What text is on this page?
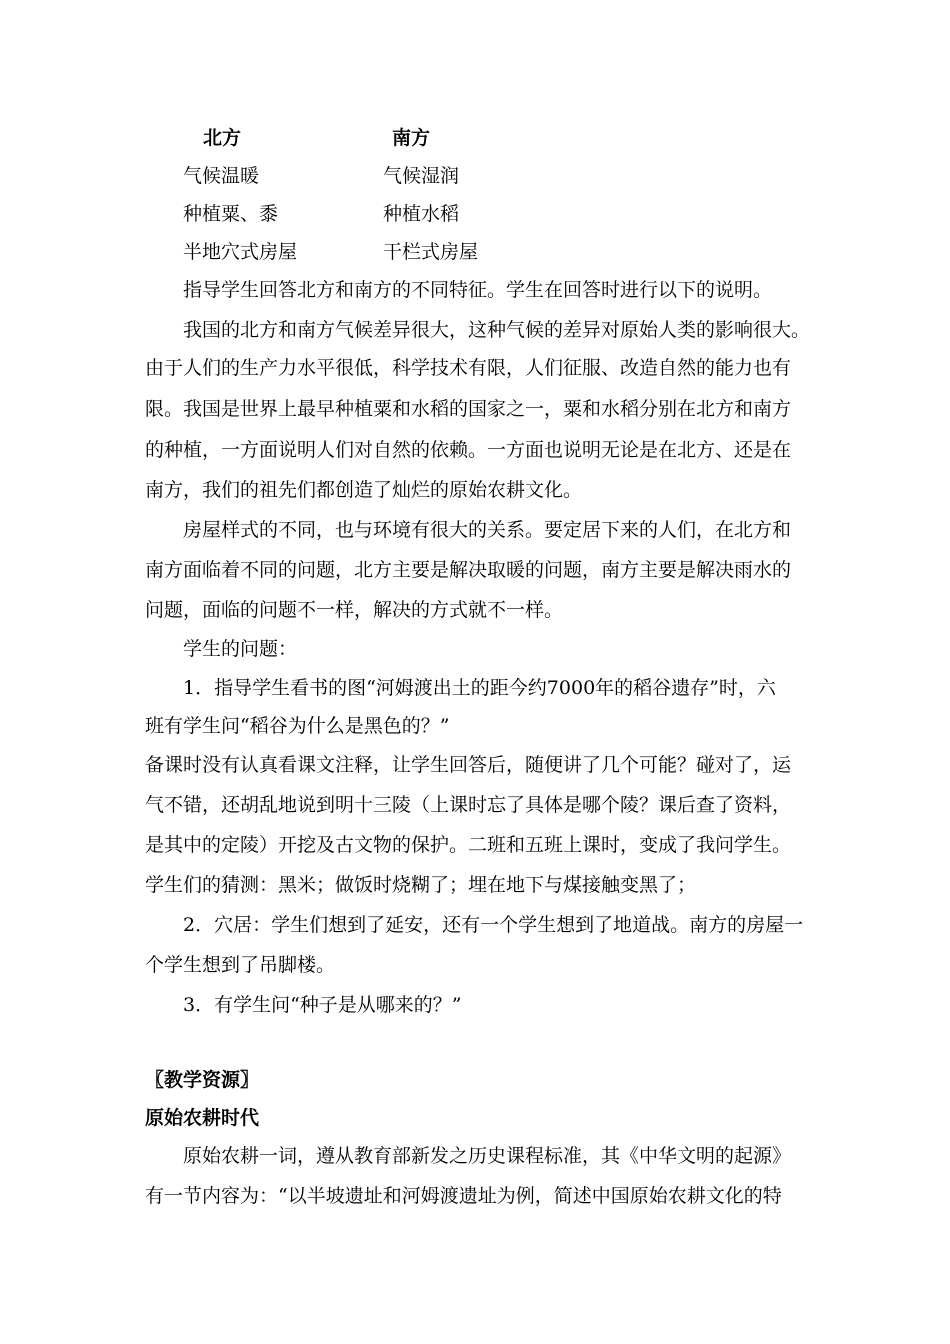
北方	南方
气候温暖	气候湿润
种植粟、黍	种植水稻
半地穴式房屋	干栏式房屋
指导学生回答北方和南方的不同特征。学生在回答时进行以下的说明。
我国的北方和南方气候差异很大，这种气候的差异对原始人类的影响很大。
由于人们的生产力水平很低，科学技术有限，人们征服、改造自然的能力也有
限。我国是世界上最早种植粟和水稻的国家之一，粟和水稻分别在北方和南方
的种植，一方面说明人们对自然的依赖。一方面也说明无论是在北方、还是在
南方，我们的祖先们都创造了灿烂的原始农耕文化。
房屋样式的不同，也与环境有很大的关系。要定居下来的人们，在北方和
南方面临着不同的问题，北方主要是解决取暖的问题，南方主要是解决雨水的
问题，面临的问题不一样，解决的方式就不一样。
学生的问题：
1．指导学生看书的图“河姆渡出土的距今约7000年的稻谷遗存”时，六
班有学生问“稻谷为什么是黑色的？”
备课时没有认真看课文注释，让学生回答后，随便讲了几个可能？碰对了，运
气不错，还胡乱地说到明十三陵（上课时忘了具体是哪个陵？课后查了资料，
是其中的定陵）开挖及古文物的保护。二班和五班上课时，变成了我问学生。
学生们的猜测：黑米；做饭时烧糊了；埋在地下与煤接触变黑了；
2．穴居：学生们想到了延安，还有一个学生想到了地道战。南方的房屋一
个学生想到了吊脚楼。
3．有学生问“种子是从哪来的？”
〖教学资源〗
原始农耕时代
原始农耕一词，遵从教育部新发之历史课程标准，其《中华文明的起源》
有一节内容为：“以半坡遗址和河姆渡遗址为例，简述中国原始农耕文化的特
